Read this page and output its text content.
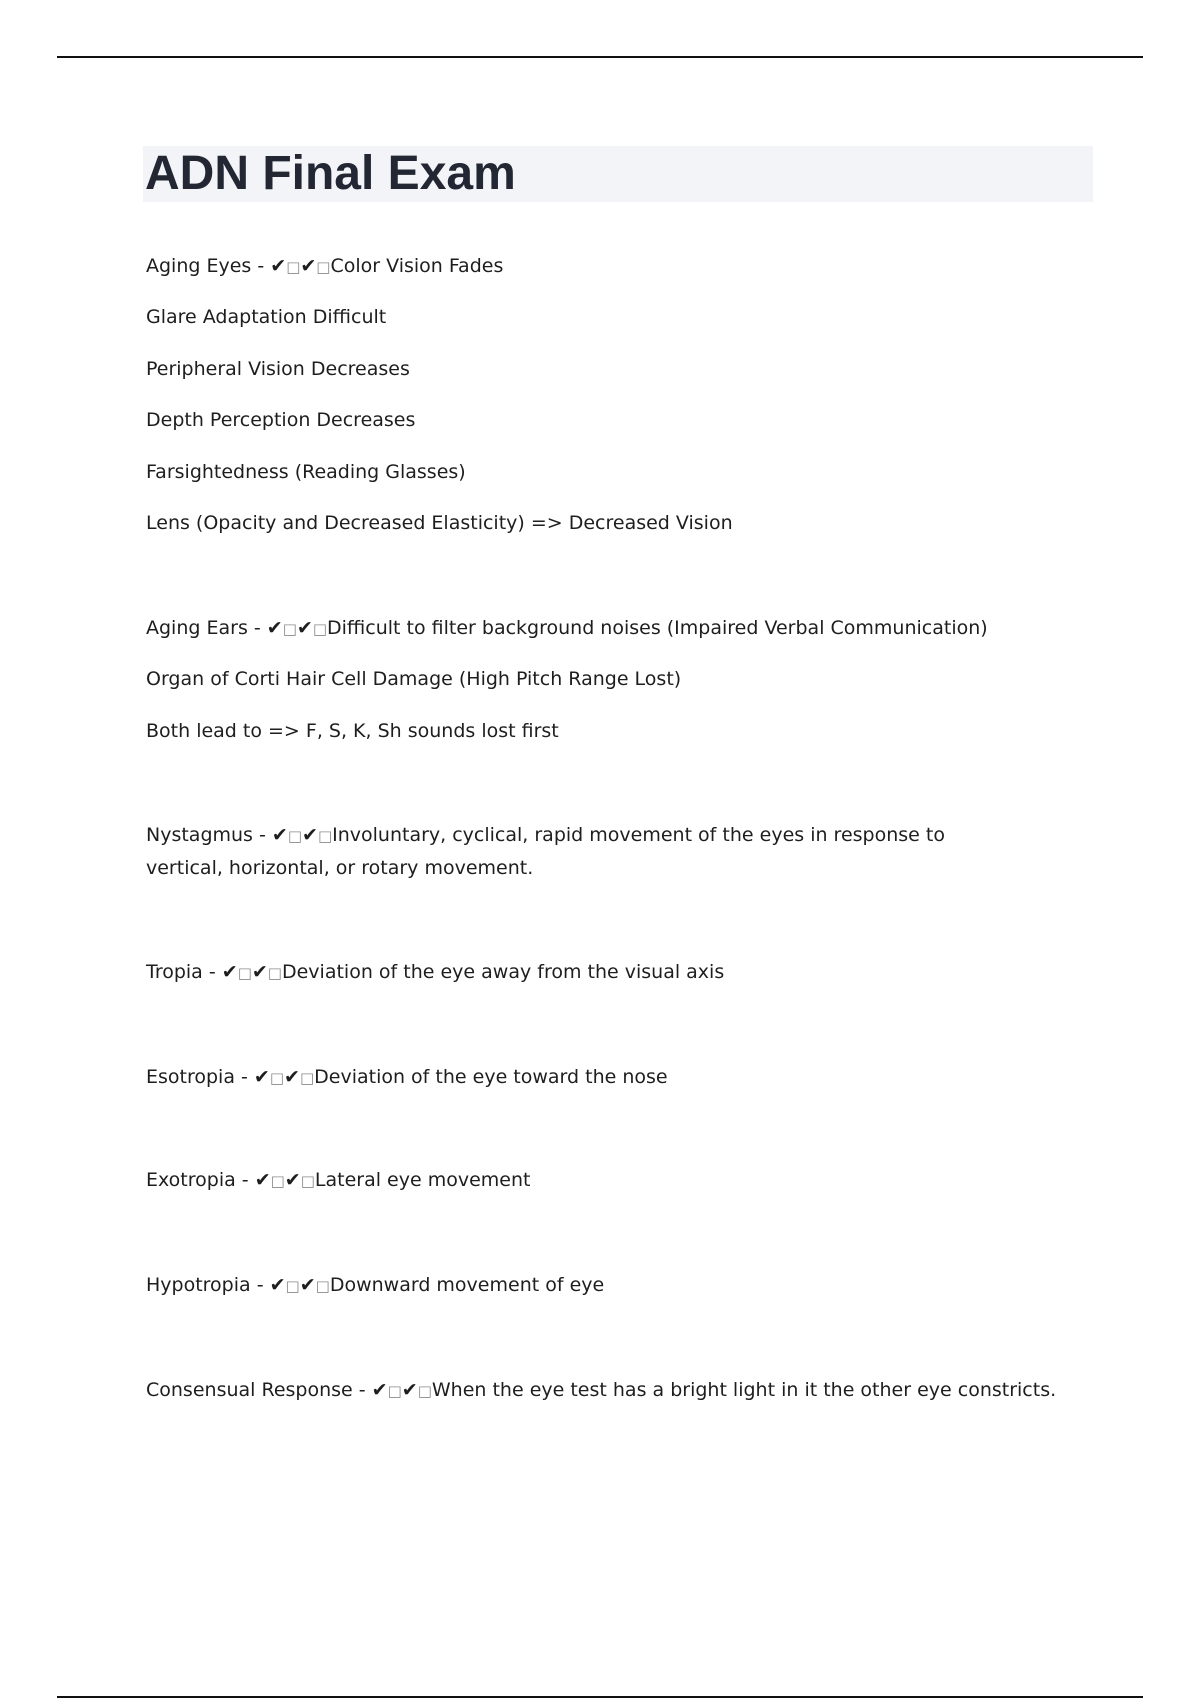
ADN Final Exam

Aging Eyes - ✔□✔□Color Vision Fades

Glare Adaptation Difficult

Peripheral Vision Decreases

Depth Perception Decreases

Farsightedness (Reading Glasses)

Lens (Opacity and Decreased Elasticity) => Decreased Vision

Aging Ears - ✔□✔□Difficult to filter background noises (Impaired Verbal Communication)

Organ of Corti Hair Cell Damage (High Pitch Range Lost)

Both lead to => F, S, K, Sh sounds lost first

Nystagmus - ✔□✔□Involuntary, cyclical, rapid movement of the eyes in response to vertical, horizontal, or rotary movement.

Tropia - ✔□✔□Deviation of the eye away from the visual axis

Esotropia - ✔□✔□Deviation of the eye toward the nose

Exotropia - ✔□✔□Lateral eye movement

Hypotropia - ✔□✔□Downward movement of eye

Consensual Response - ✔□✔□When the eye test has a bright light in it the other eye constricts.
